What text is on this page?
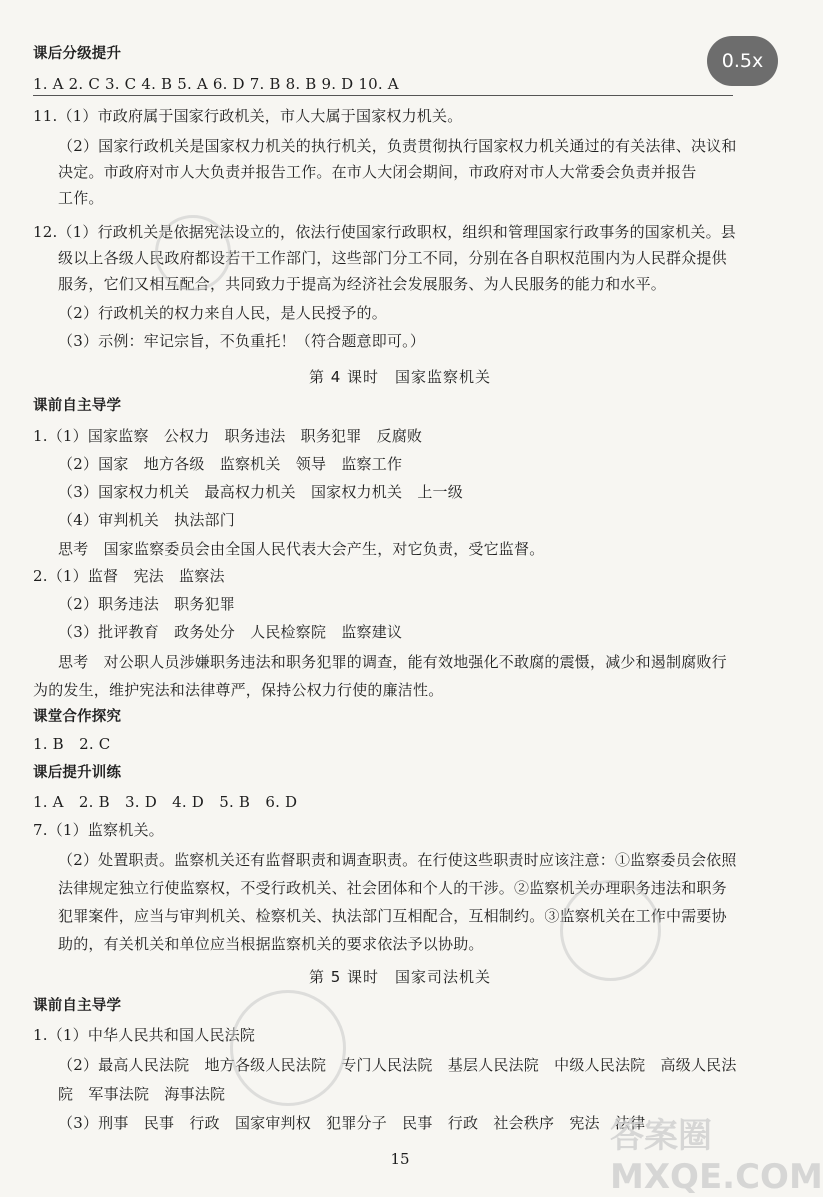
课后分级提升
1. A 2. C 3. C 4. B 5. A 6. D 7. B 8. B 9. D 10. A
11.（1）市政府属于国家行政机关，市人大属于国家权力机关。
（2）国家行政机关是国家权力机关的执行机关，负责贯彻执行国家权力机关通过的有关法律、决议和
决定。市政府对市人大负责并报告工作。在市人大闭会期间，市政府对市人大常委会负责并报告
工作。
12.（1）行政机关是依据宪法设立的，依法行使国家行政职权，组织和管理国家行政事务的国家机关。县
级以上各级人民政府都设若干工作部门，这些部门分工不同，分别在各自职权范围内为人民群众提供
服务，它们又相互配合，共同致力于提高为经济社会发展服务、为人民服务的能力和水平。
（2）行政机关的权力来自人民，是人民授予的。
（3）示例：牢记宗旨，不负重托！（符合题意即可。）
第 4 课时　国家监察机关
课前自主导学
1.（1）国家监察　公权力　职务违法　职务犯罪　反腐败
（2）国家　地方各级　监察机关　领导　监察工作
（3）国家权力机关　最高权力机关　国家权力机关　上一级
（4）审判机关　执法部门
思考　国家监察委员会由全国人民代表大会产生，对它负责，受它监督。
2.（1）监督　宪法　监察法
（2）职务违法　职务犯罪
（3）批评教育　政务处分　人民检察院　监察建议
思考　对公职人员涉嫌职务违法和职务犯罪的调查，能有效地强化不敢腐的震慑，减少和遏制腐败行
为的发生，维护宪法和法律尊严，保持公权力行使的廉洁性。
课堂合作探究
1. B　2. C
课后提升训练
1. A　2. B　3. D　4. D　5. B　6. D
7.（1）监察机关。
（2）处置职责。监察机关还有监督职责和调查职责。在行使这些职责时应该注意：①监察委员会依照
法律规定独立行使监察权，不受行政机关、社会团体和个人的干涉。②监察机关办理职务违法和职务
犯罪案件，应当与审判机关、检察机关、执法部门互相配合，互相制约。③监察机关在工作中需要协
助的，有关机关和单位应当根据监察机关的要求依法予以协助。
第 5 课时　国家司法机关
课前自主导学
1.（1）中华人民共和国人民法院
（2）最高人民法院　地方各级人民法院　专门人民法院　基层人民法院　中级人民法院　高级人民法
院　军事法院　海事法院
（3）刑事　民事　行政　国家审判权　犯罪分子　民事　行政　社会秩序　宪法　法律
15
答案圈 MXQE.COM
0.5x
